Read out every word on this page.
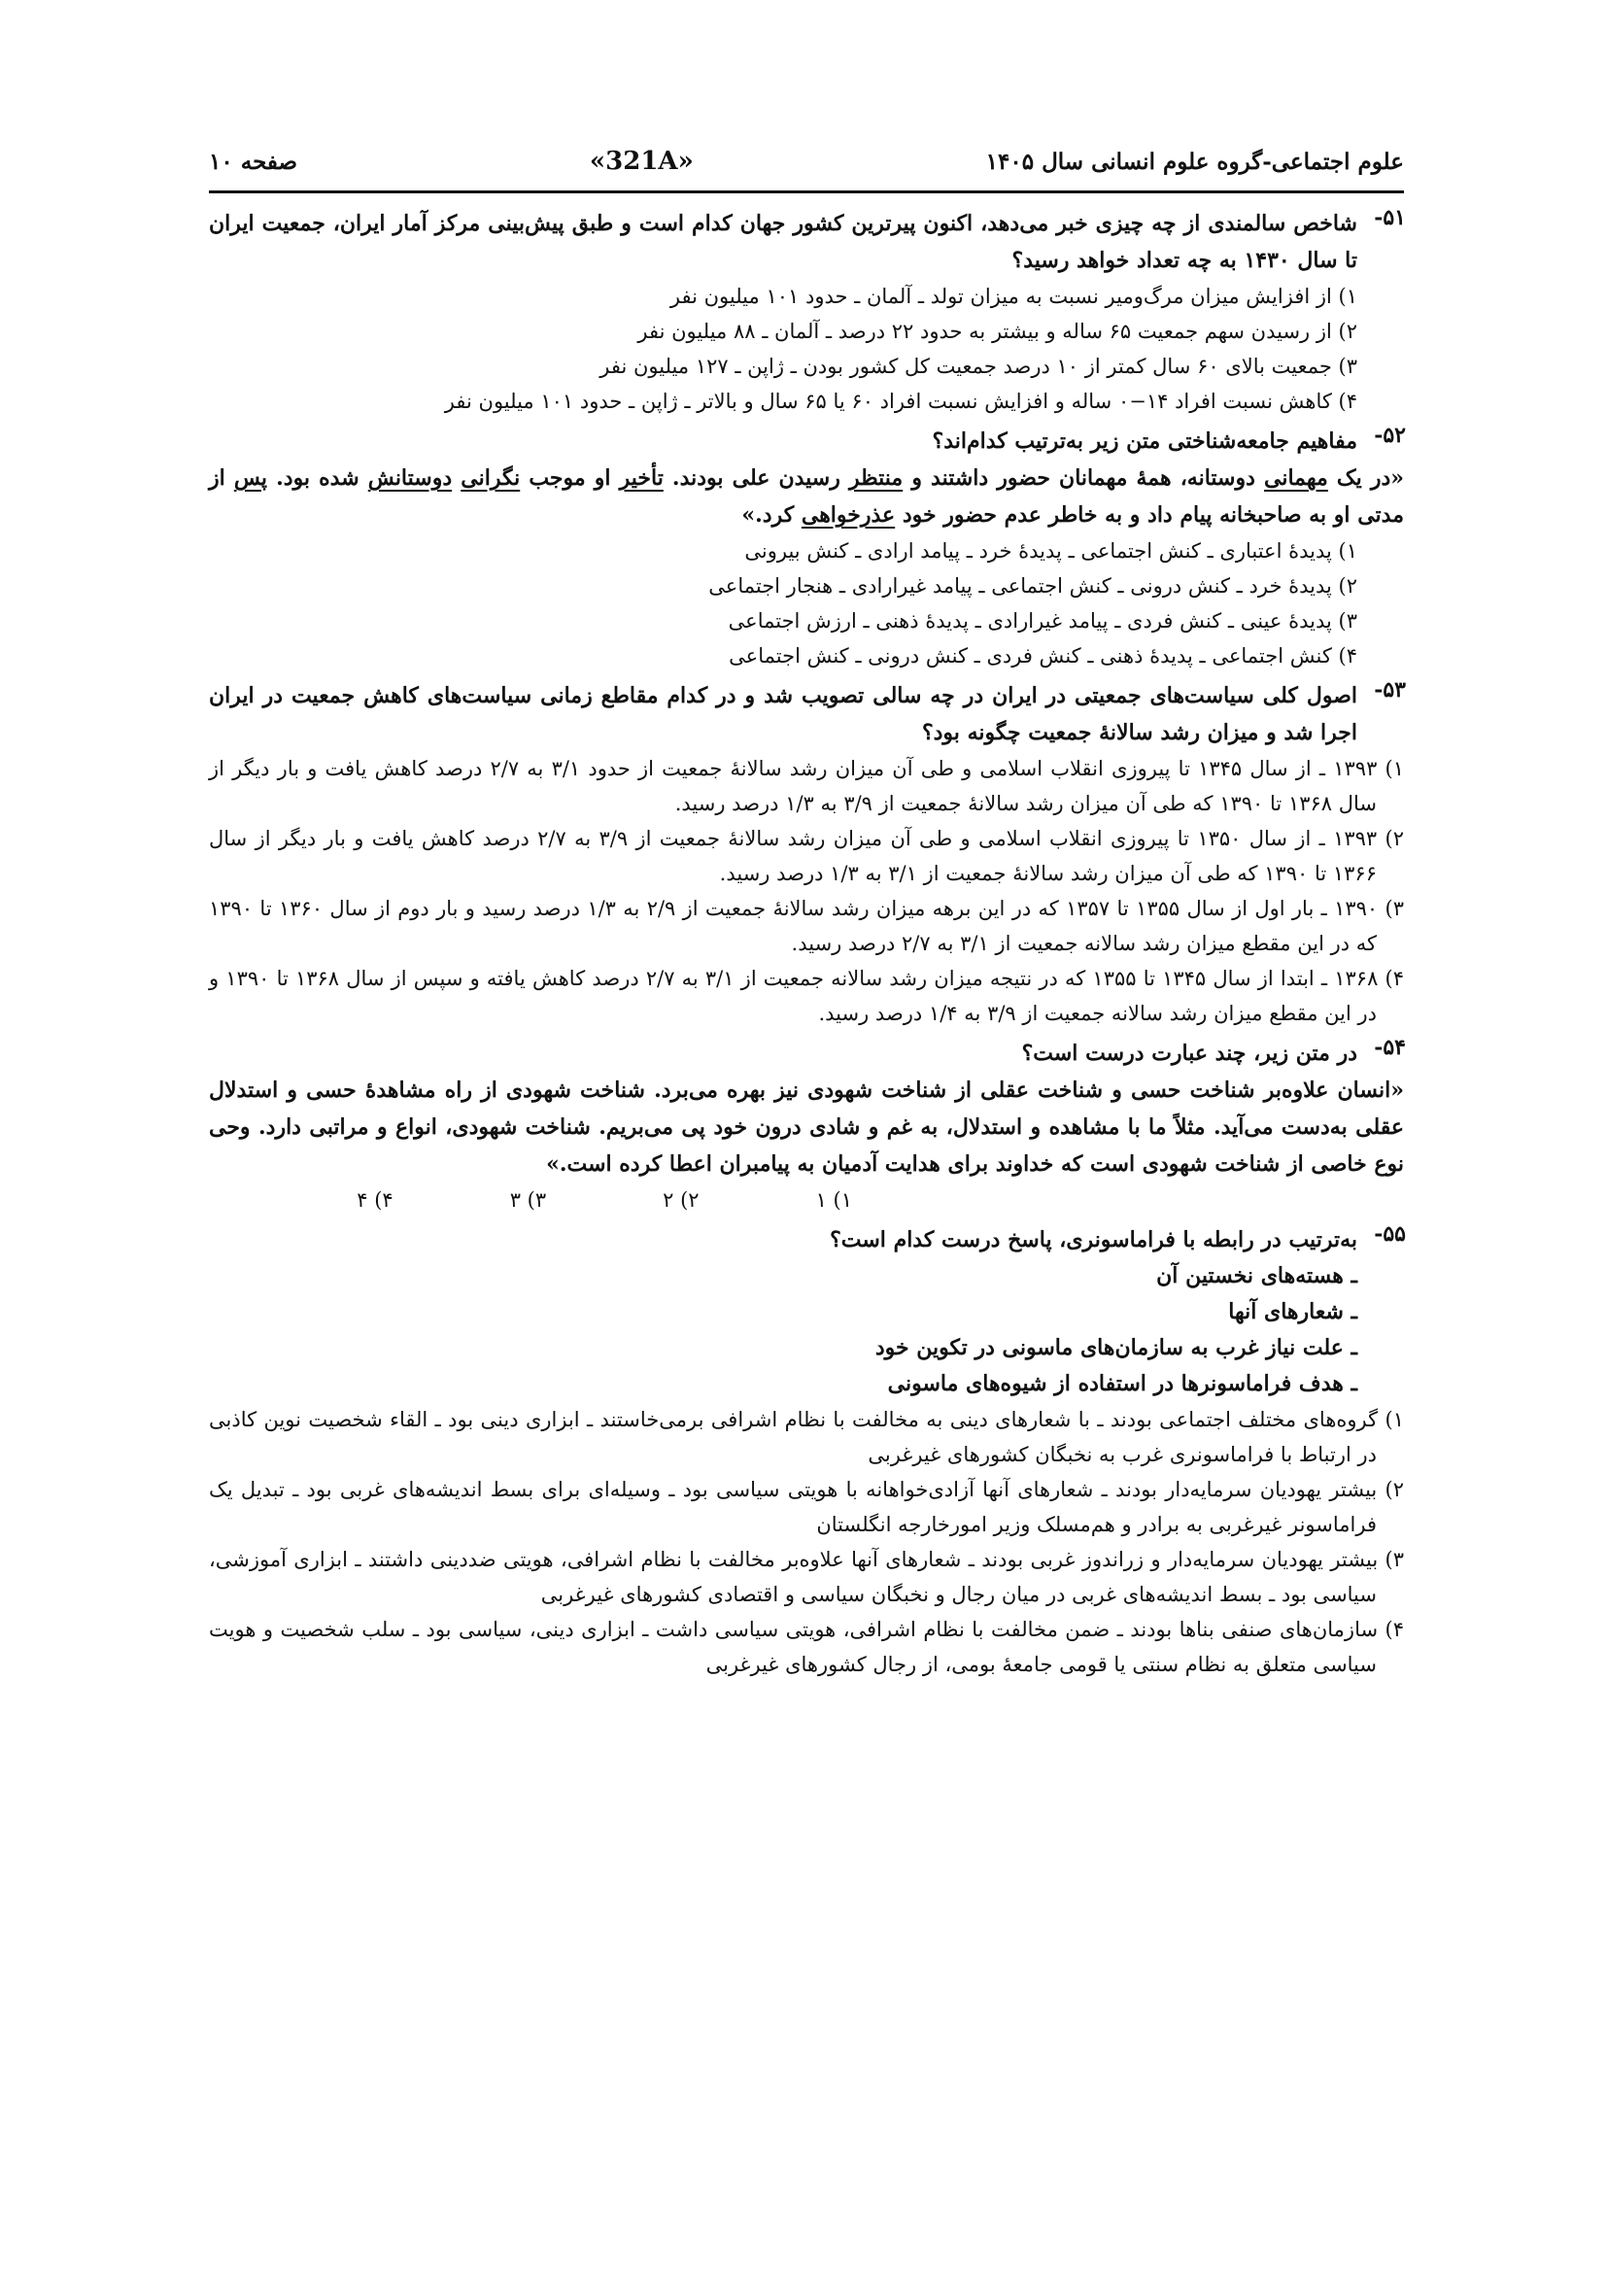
علوم اجتماعی-گروه علوم انسانی سال ۱۴۰۵
«321A»
صفحه ۱۰
۵۱-
شاخص سالمندی از چه چیزی خبر می‌دهد، اکنون پیرترین کشور جهان کدام است و طبق پیش‌بینی مرکز آمار ایران، جمعیت ایران تا سال ۱۴۳۰ به چه تعداد خواهد رسید؟
۱) از افزایش میزان مرگ‌ومیر نسبت به میزان تولد ـ آلمان ـ حدود ۱۰۱ میلیون نفر
۲) از رسیدن سهم جمعیت ۶۵ ساله و بیشتر به حدود ۲۲ درصد ـ آلمان ـ ۸۸ میلیون نفر
۳) جمعیت بالای ۶۰ سال کمتر از ۱۰ درصد جمعیت کل کشور بودن ـ ژاپن ـ ۱۲۷ میلیون نفر
۴) کاهش نسبت افراد ۱۴−۰ ساله و افزایش نسبت افراد ۶۰ یا ۶۵ سال و بالاتر ـ ژاپن ـ حدود ۱۰۱ میلیون نفر
۵۲-
مفاهیم جامعه‌شناختی متن زیر به‌ترتیب کدام‌اند؟
«در یک مهمانی دوستانه، همهٔ مهمانان حضور داشتند و منتظر رسیدن علی بودند. تأخیر او موجب نگرانی دوستانش شده بود. پس از مدتی او به صاحبخانه پیام داد و به خاطر عدم حضور خود عذرخواهی کرد.»
۱) پدیدهٔ اعتباری ـ کنش اجتماعی ـ پدیدهٔ خرد ـ پیامد ارادی ـ کنش بیرونی
۲) پدیدهٔ خرد ـ کنش درونی ـ کنش اجتماعی ـ پیامد غیرارادی ـ هنجار اجتماعی
۳) پدیدهٔ عینی ـ کنش فردی ـ پیامد غیرارادی ـ پدیدهٔ ذهنی ـ ارزش اجتماعی
۴) کنش اجتماعی ـ پدیدهٔ ذهنی ـ کنش فردی ـ کنش درونی ـ کنش اجتماعی
۵۳-
اصول کلی سیاست‌های جمعیتی در ایران در چه سالی تصویب شد و در کدام مقاطع زمانی سیاست‌های کاهش جمعیت در ایران اجرا شد و میزان رشد سالانهٔ جمعیت چگونه بود؟
۱) ۱۳۹۳ ـ از سال ۱۳۴۵ تا پیروزی انقلاب اسلامی و طی آن میزان رشد سالانهٔ جمعیت از حدود ۳/۱ به ۲/۷ درصد کاهش یافت و بار دیگر از سال ۱۳۶۸ تا ۱۳۹۰ که طی آن میزان رشد سالانهٔ جمعیت از ۳/۹ به ۱/۳ درصد رسید.
۲) ۱۳۹۳ ـ از سال ۱۳۵۰ تا پیروزی انقلاب اسلامی و طی آن میزان رشد سالانهٔ جمعیت از ۳/۹ به ۲/۷ درصد کاهش یافت و بار دیگر از سال ۱۳۶۶ تا ۱۳۹۰ که طی آن میزان رشد سالانهٔ جمعیت از ۳/۱ به ۱/۳ درصد رسید.
۳) ۱۳۹۰ ـ بار اول از سال ۱۳۵۵ تا ۱۳۵۷ که در این برهه میزان رشد سالانهٔ جمعیت از ۲/۹ به ۱/۳ درصد رسید و بار دوم از سال ۱۳۶۰ تا ۱۳۹۰ که در این مقطع میزان رشد سالانه جمعیت از ۳/۱ به ۲/۷ درصد رسید.
۴) ۱۳۶۸ ـ ابتدا از سال ۱۳۴۵ تا ۱۳۵۵ که در نتیجه میزان رشد سالانه جمعیت از ۳/۱ به ۲/۷ درصد کاهش یافته و سپس از سال ۱۳۶۸ تا ۱۳۹۰ و در این مقطع میزان رشد سالانه جمعیت از ۳/۹ به ۱/۴ درصد رسید.
۵۴-
در متن زیر، چند عبارت درست است؟
«انسان علاوه‌بر شناخت حسی و شناخت عقلی از شناخت شهودی نیز بهره می‌برد. شناخت شهودی از راه مشاهدهٔ حسی و استدلال عقلی به‌دست می‌آید. مثلاً ما با مشاهده و استدلال، به غم و شادی درون خود پی می‌بریم. شناخت شهودی، انواع و مراتبی دارد. وحی نوع خاصی از شناخت شهودی است که خداوند برای هدایت آدمیان به پیامبران اعطا کرده است.»
۱) ۱
۲) ۲
۳) ۳
۴) ۴
۵۵-
به‌ترتیب در رابطه با فراماسونری، پاسخ درست کدام است؟
ـ هسته‌های نخستین آن
ـ شعارهای آنها
ـ علت نیاز غرب به سازمان‌های ماسونی در تکوین خود
ـ هدف فراماسونرها در استفاده از شیوه‌های ماسونی
۱) گروه‌های مختلف اجتماعی بودند ـ با شعارهای دینی به مخالفت با نظام اشرافی برمی‌خاستند ـ ابزاری دینی بود ـ القاء شخصیت نوین کاذبی در ارتباط با فراماسونری غرب به نخبگان کشورهای غیرغربی
۲) بیشتر یهودیان سرمایه‌دار بودند ـ شعارهای آنها آزادی‌خواهانه با هویتی سیاسی بود ـ وسیله‌ای برای بسط اندیشه‌های غربی بود ـ تبدیل یک فراماسونر غیرغربی به برادر و هم‌مسلک وزیر امورخارجه انگلستان
۳) بیشتر یهودیان سرمایه‌دار و زراندوز غربی بودند ـ شعارهای آنها علاوه‌بر مخالفت با نظام اشرافی، هویتی ضددینی داشتند ـ ابزاری آموزشی، سیاسی بود ـ بسط اندیشه‌های غربی در میان رجال و نخبگان سیاسی و اقتصادی کشورهای غیرغربی
۴) سازمان‌های صنفی بناها بودند ـ ضمن مخالفت با نظام اشرافی، هویتی سیاسی داشت ـ ابزاری دینی، سیاسی بود ـ سلب شخصیت و هویت سیاسی متعلق به نظام سنتی یا قومی جامعهٔ بومی، از رجال کشورهای غیرغربی
